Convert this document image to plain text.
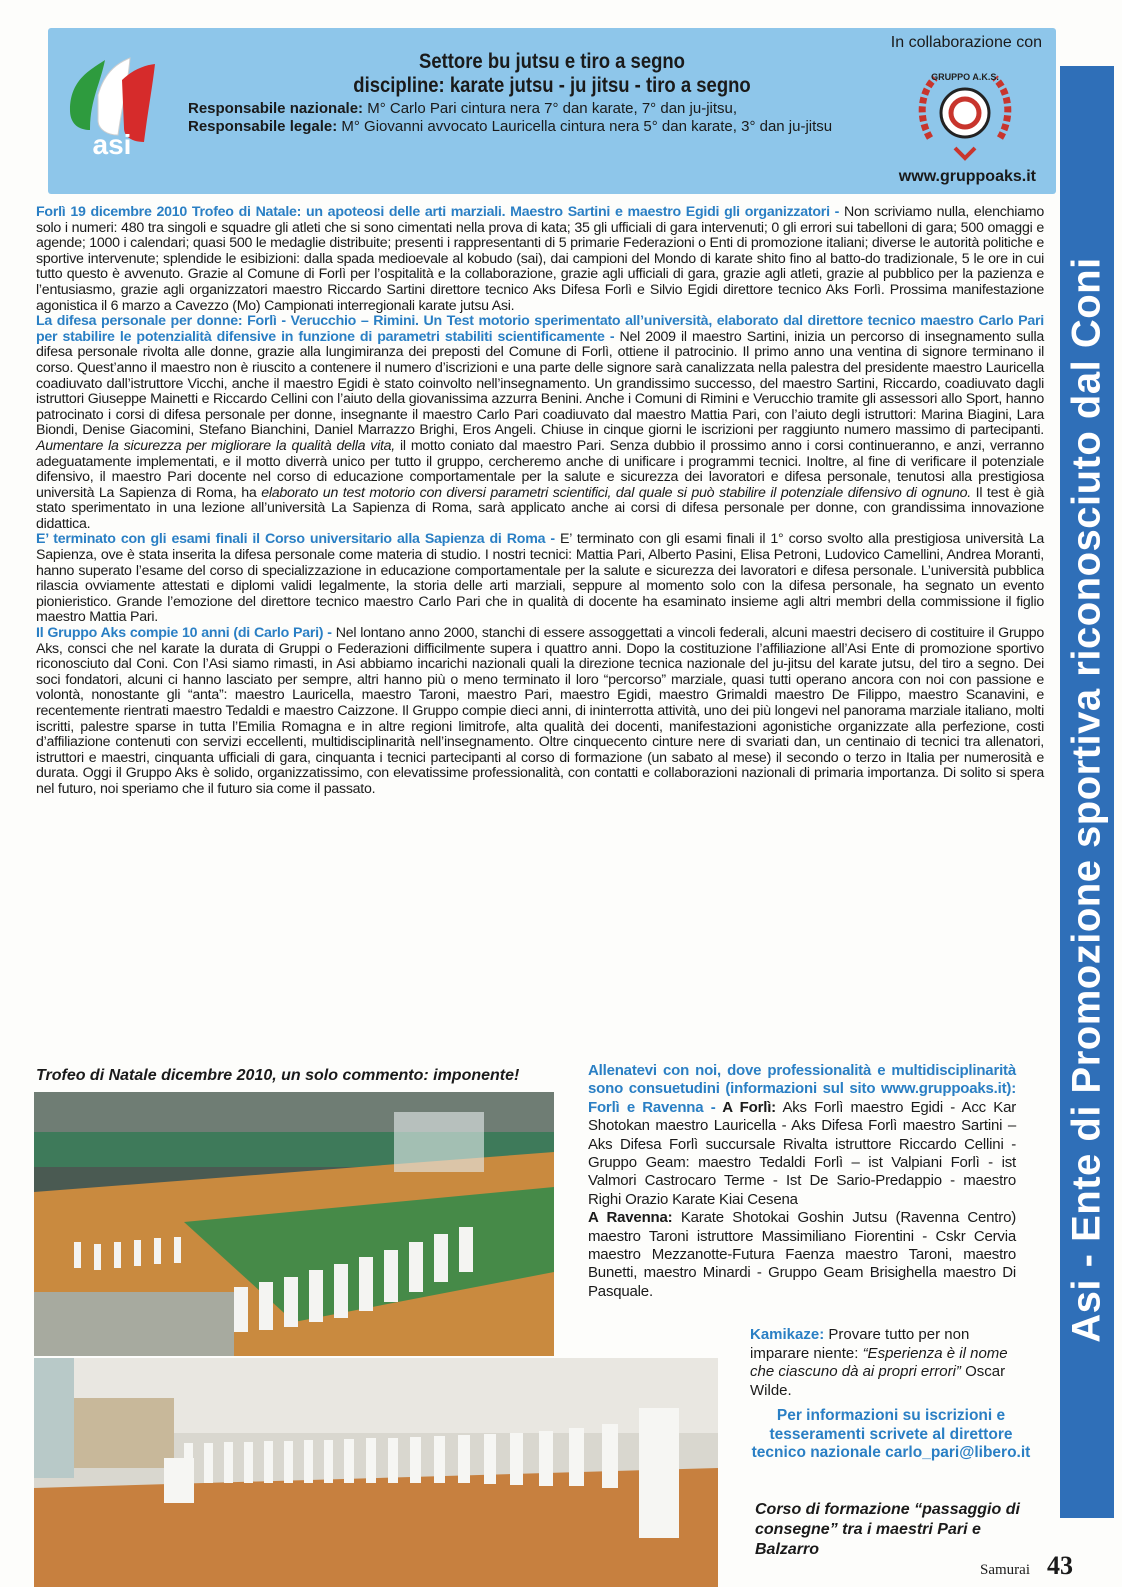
asi
Settore bu jutsu e tiro a segno
discipline: karate jutsu - ju jitsu - tiro a segno
Responsabile nazionale: M° Carlo Pari cintura nera 7° dan karate, 7° dan ju-jitsu,
Responsabile legale: M° Giovanni avvocato Lauricella cintura nera 5° dan karate, 3° dan ju-jitsu
In collaborazione con
GRUPPO A.K.S.
www.gruppoaks.it
Asi - Ente di Promozione sportiva riconosciuto dal Coni

Forlì 19 dicembre 2010 Trofeo di Natale: un apoteosi delle arti marziali. Maestro Sartini e maestro Egidi gli organizzatori - Non scriviamo nulla, elenchiamo solo i numeri: 480 tra singoli e squadre gli atleti che si sono cimentati nella prova di kata; 35 gli ufficiali di gara intervenuti; 0 gli errori sui tabelloni di gara; 500 omaggi e agende; 1000 i calendari; quasi 500 le medaglie distribuite; presenti i rappresentanti di 5 primarie Federazioni o Enti di promozione italiani; diverse le autorità politiche e sportive intervenute; splendide le esibizioni: dalla spada medioevale al kobudo (sai), dai campioni del Mondo di karate shito fino al batto-do tradizionale, 5 le ore in cui tutto questo è avvenuto. Grazie al Comune di Forlì per l’ospitalità e la collaborazione, grazie agli ufficiali di gara, grazie agli atleti, grazie al pubblico per la pazienza e l’entusiasmo, grazie agli organizzatori maestro Riccardo Sartini direttore tecnico Aks Difesa Forlì e Silvio Egidi direttore tecnico Aks Forlì. Prossima manifestazione agonistica il 6 marzo a Cavezzo (Mo) Campionati interregionali karate jutsu Asi.

La difesa personale per donne: Forlì - Verucchio – Rimini. Un Test motorio sperimentato all’università, elaborato dal direttore tecnico maestro Carlo Pari per stabilire le potenzialità difensive in funzione di parametri stabiliti scientificamente - Nel 2009 il maestro Sartini, inizia un percorso di insegnamento sulla difesa personale rivolta alle donne, grazie alla lungimiranza dei preposti del Comune di Forlì, ottiene il patrocinio. Il primo anno una ventina di signore terminano il corso. Quest’anno il maestro non è riuscito a contenere il numero d’iscrizioni e una parte delle signore sarà canalizzata nella palestra del presidente maestro Lauricella coadiuvato dall’istruttore Vicchi, anche il maestro Egidi è stato coinvolto nell’insegnamento. Un grandissimo successo, del maestro Sartini, Riccardo, coadiuvato dagli istruttori Giuseppe Mainetti e Riccardo Cellini con l’aiuto della giovanissima azzurra Benini. Anche i Comuni di Rimini e Verucchio tramite gli assessori allo Sport, hanno patrocinato i corsi di difesa personale per donne, insegnante il maestro Carlo Pari coadiuvato dal maestro Mattia Pari, con l’aiuto degli istruttori: Marina Biagini, Lara Biondi, Denise Giacomini, Stefano Bianchini, Daniel Marrazzo Brighi, Eros Angeli. Chiuse in cinque giorni le iscrizioni per raggiunto numero massimo di partecipanti. Aumentare la sicurezza per migliorare la qualità della vita, il motto coniato dal maestro Pari. Senza dubbio il prossimo anno i corsi continueranno, e anzi, verranno adeguatamente implementati, e il motto diverrà unico per tutto il gruppo, cercheremo anche di unificare i programmi tecnici. Inoltre, al fine di verificare il potenziale difensivo, il maestro Pari docente nel corso di educazione comportamentale per la salute e sicurezza dei lavoratori e difesa personale, tenutosi alla prestigiosa università La Sapienza di Roma, ha elaborato un test motorio con diversi parametri scientifici, dal quale si può stabilire il potenziale difensivo di ognuno. Il test è già stato sperimentato in una lezione all’università La Sapienza di Roma, sarà applicato anche ai corsi di difesa personale per donne, con grandissima innovazione didattica.

E’ terminato con gli esami finali il Corso universitario alla Sapienza di Roma - E’ terminato con gli esami finali il 1° corso svolto alla prestigiosa università La Sapienza, ove è stata inserita la difesa personale come materia di studio. I nostri tecnici: Mattia Pari, Alberto Pasini, Elisa Petroni, Ludovico Camellini, Andrea Moranti, hanno superato l’esame del corso di specializzazione in educazione comportamentale per la salute e sicurezza dei lavoratori e difesa personale. L’università pubblica rilascia ovviamente attestati e diplomi validi legalmente, la storia delle arti marziali, seppure al momento solo con la difesa personale, ha segnato un evento pionieristico. Grande l’emozione del direttore tecnico maestro Carlo Pari che in qualità di docente ha esaminato insieme agli altri membri della commissione il figlio maestro Mattia Pari.

Il Gruppo Aks compie 10 anni (di Carlo Pari) - Nel lontano anno 2000, stanchi di essere assoggettati a vincoli federali, alcuni maestri decisero di costituire il Gruppo Aks, consci che nel karate la durata di Gruppi o Federazioni difficilmente supera i quattro anni. Dopo la costituzione l’affiliazione all’Asi Ente di promozione sportivo riconosciuto dal Coni. Con l’Asi siamo rimasti, in Asi abbiamo incarichi nazionali quali la direzione tecnica nazionale del ju-jitsu del karate jutsu, del tiro a segno. Dei soci fondatori, alcuni ci hanno lasciato per sempre, altri hanno più o meno terminato il loro “percorso” marziale, quasi tutti operano ancora con noi con passione e volontà, nonostante gli “anta”: maestro Lauricella, maestro Taroni, maestro Pari, maestro Egidi, maestro Grimaldi maestro De Filippo, maestro Scanavini, e recentemente rientrati maestro Tedaldi e maestro Caizzone. Il Gruppo compie dieci anni, di ininterrotta attività, uno dei più longevi nel panorama marziale italiano, molti iscritti, palestre sparse in tutta l’Emilia Romagna e in altre regioni limitrofe, alta qualità dei docenti, manifestazioni agonistiche organizzate alla perfezione, costi d’affiliazione contenuti con servizi eccellenti, multidisciplinarità nell’insegnamento. Oltre cinquecento cinture nere di svariati dan, un centinaio di tecnici tra allenatori, istruttori e maestri, cinquanta ufficiali di gara, cinquanta i tecnici partecipanti al corso di formazione (un sabato al mese) il secondo o terzo in Italia per numerosità e durata. Oggi il Gruppo Aks è solido, organizzatissimo, con elevatissime professionalità, con contatti e collaborazioni nazionali di primaria importanza. Di solito si spera nel futuro, noi speriamo che il futuro sia come il passato.

Trofeo di Natale dicembre 2010, un solo commento: imponente!	Allenatevi con noi, dove professionalità e multidisciplinarità sono consuetudini (informazioni sul sito www.gruppoaks.it): Forlì e Ravenna - A Forlì: Aks Forlì maestro Egidi - Acc Kar Shotokan maestro Lauricella - Aks Difesa Forlì maestro Sartini – Aks Difesa Forlì succursale Rivalta istruttore Riccardo Cellini - Gruppo Geam: maestro Tedaldi Forlì – ist Valpiani Forlì - ist Valmori Castrocaro Terme - Ist De Sario-Predappio - maestro Righi Orazio Karate Kiai Cesena

A Ravenna: Karate Shotokai Goshin Jutsu (Ravenna Centro) maestro Taroni istruttore Massimiliano Fiorentini - Cskr Cervia maestro Mezzanotte-Futura Faenza maestro Taroni, maestro Bunetti, maestro Minardi - Gruppo Geam Brisighella maestro Di Pasquale.

Kamikaze: Provare tutto per non imparare niente: “Esperienza è il nome che ciascuno dà ai propri errori” Oscar Wilde.
Per informazioni su iscrizioni e tesseramenti scrivete al direttore tecnico nazionale carlo_pari@libero.it
Corso di formazione “passaggio di consegne” tra i maestri Pari e Balzarro
Samurai 43
